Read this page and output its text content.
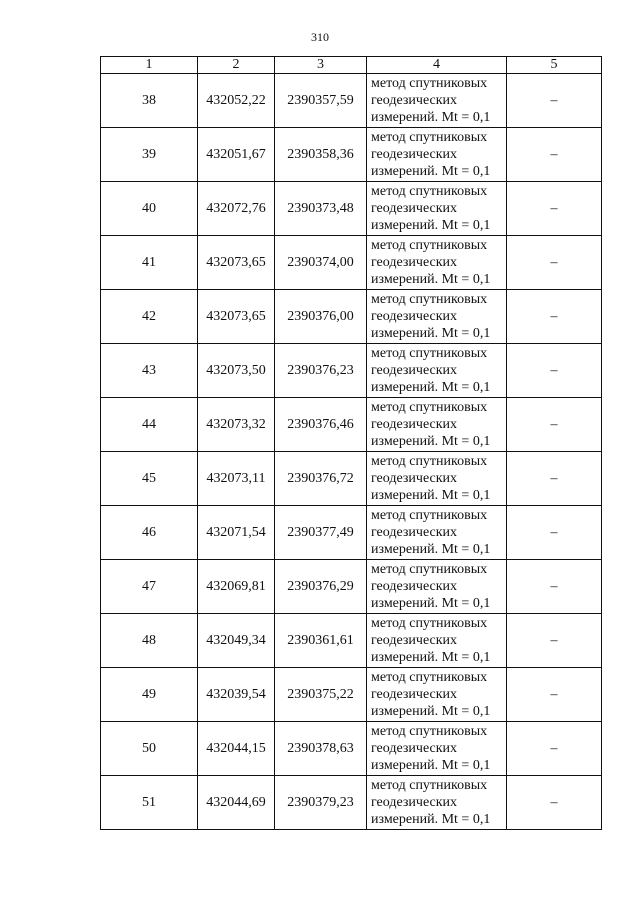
310
1	2	3	4	5
38	432052,22	2390357,59	метод спутниковых
геодезических
измерений. Mt = 0,1	–
39	432051,67	2390358,36	метод спутниковых
геодезических
измерений. Mt = 0,1	–
40	432072,76	2390373,48	метод спутниковых
геодезических
измерений. Mt = 0,1	–
41	432073,65	2390374,00	метод спутниковых
геодезических
измерений. Mt = 0,1	–
42	432073,65	2390376,00	метод спутниковых
геодезических
измерений. Mt = 0,1	–
43	432073,50	2390376,23	метод спутниковых
геодезических
измерений. Mt = 0,1	–
44	432073,32	2390376,46	метод спутниковых
геодезических
измерений. Mt = 0,1	–
45	432073,11	2390376,72	метод спутниковых
геодезических
измерений. Mt = 0,1	–
46	432071,54	2390377,49	метод спутниковых
геодезических
измерений. Mt = 0,1	–
47	432069,81	2390376,29	метод спутниковых
геодезических
измерений. Mt = 0,1	–
48	432049,34	2390361,61	метод спутниковых
геодезических
измерений. Mt = 0,1	–
49	432039,54	2390375,22	метод спутниковых
геодезических
измерений. Mt = 0,1	–
50	432044,15	2390378,63	метод спутниковых
геодезических
измерений. Mt = 0,1	–
51	432044,69	2390379,23	метод спутниковых
геодезических
измерений. Mt = 0,1	–
